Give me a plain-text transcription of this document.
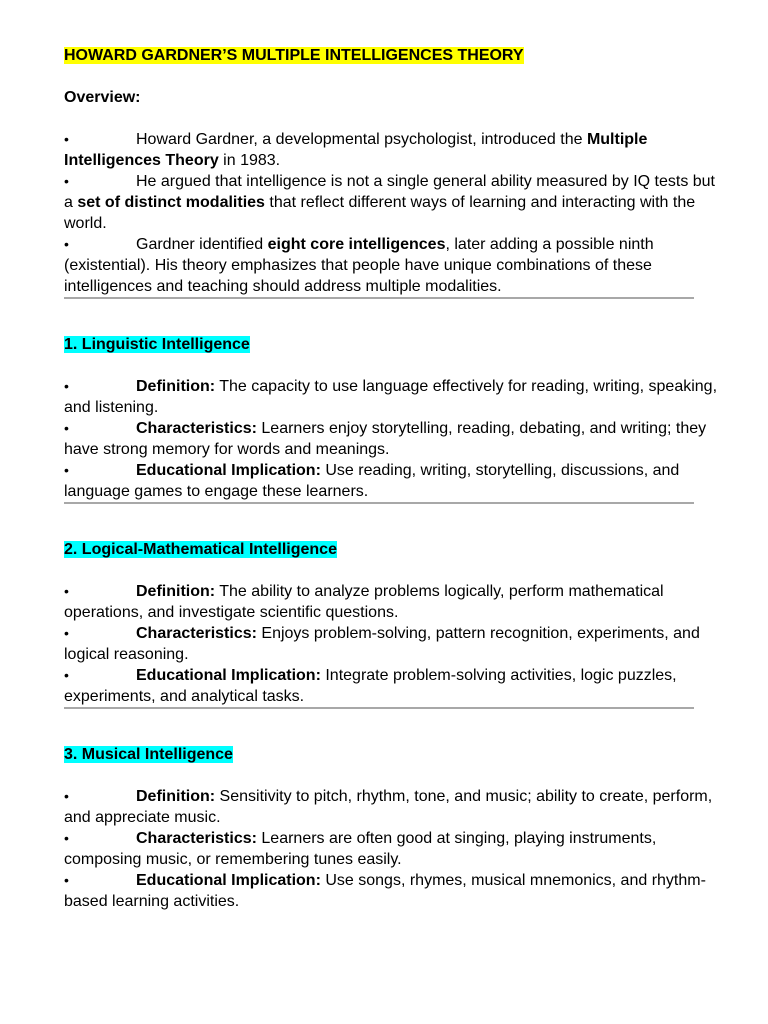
HOWARD GARDNER’S MULTIPLE INTELLIGENCES THEORY

Overview:

•	Howard Gardner, a developmental psychologist, introduced the Multiple Intelligences Theory in 1983.

•	He argued that intelligence is not a single general ability measured by IQ tests but a set of distinct modalities that reflect different ways of learning and interacting with the world.

•	Gardner identified eight core intelligences, later adding a possible ninth (existential). His theory emphasizes that people have unique combinations of these intelligences and teaching should address multiple modalities.

1. Linguistic Intelligence

•	Definition: The capacity to use language effectively for reading, writing, speaking, and listening.

•	Characteristics: Learners enjoy storytelling, reading, debating, and writing; they have strong memory for words and meanings.

•	Educational Implication: Use reading, writing, storytelling, discussions, and language games to engage these learners.

2. Logical-Mathematical Intelligence

•	Definition: The ability to analyze problems logically, perform mathematical operations, and investigate scientific questions.

•	Characteristics: Enjoys problem-solving, pattern recognition, experiments, and logical reasoning.

•	Educational Implication: Integrate problem-solving activities, logic puzzles, experiments, and analytical tasks.

3. Musical Intelligence

•	Definition: Sensitivity to pitch, rhythm, tone, and music; ability to create, perform, and appreciate music.

•	Characteristics: Learners are often good at singing, playing instruments, composing music, or remembering tunes easily.

•	Educational Implication: Use songs, rhymes, musical mnemonics, and rhythm-based learning activities.
